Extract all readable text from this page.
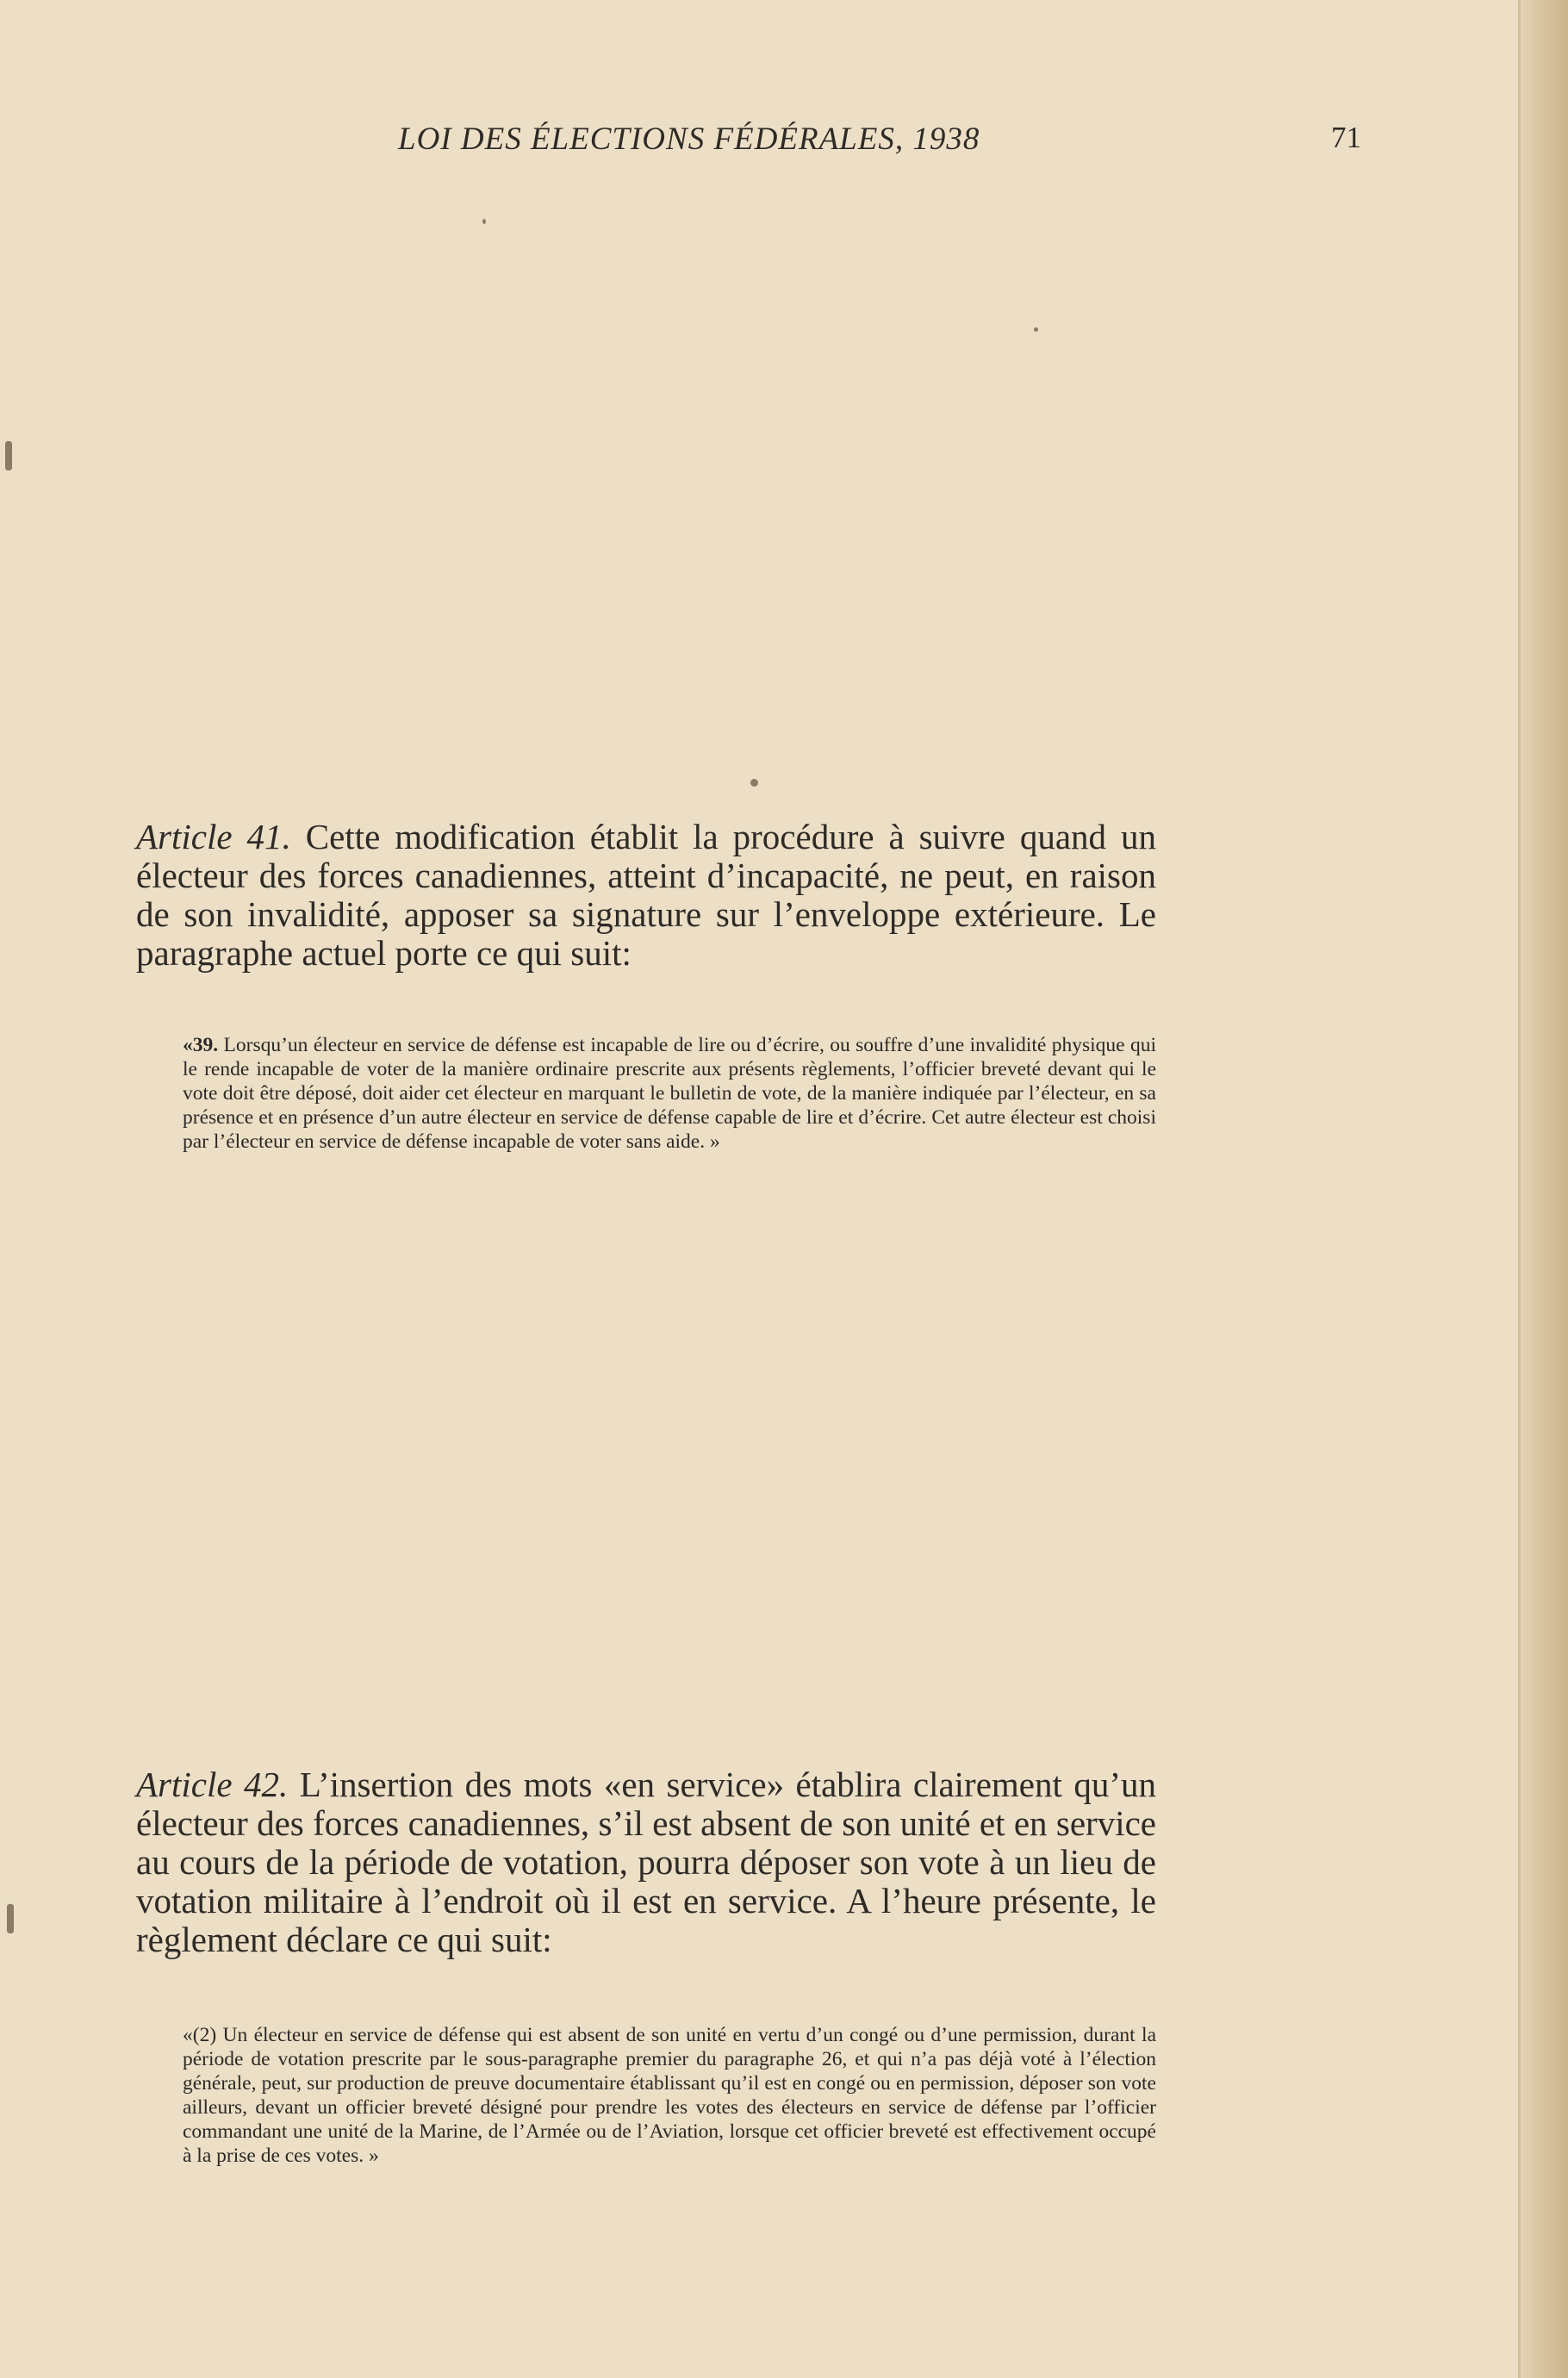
LOI DES ÉLECTIONS FÉDÉRALES, 1938	71

Article 41. Cette modification établit la procédure à suivre quand un électeur des forces canadiennes, atteint d’incapacité, ne peut, en raison de son invalidité, apposer sa signature sur l’enveloppe extérieure. Le paragraphe actuel porte ce qui suit:

«39. Lorsqu’un électeur en service de défense est incapable de lire ou d’écrire, ou souffre d’une invalidité physique qui le rende incapable de voter de la manière ordinaire prescrite aux présents règlements, l’officier breveté devant qui le vote doit être déposé, doit aider cet électeur en marquant le bulletin de vote, de la manière indiquée par l’électeur, en sa présence et en présence d’un autre électeur en service de défense capable de lire et d’écrire. Cet autre électeur est choisi par l’électeur en service de défense incapable de voter sans aide. »

Article 42. L’insertion des mots «en service» établira clairement qu’un électeur des forces canadiennes, s’il est absent de son unité et en service au cours de la période de votation, pourra déposer son vote à un lieu de votation militaire à l’endroit où il est en service. A l’heure présente, le règlement déclare ce qui suit:

«(2) Un électeur en service de défense qui est absent de son unité en vertu d’un congé ou d’une permission, durant la période de votation prescrite par le sous-paragraphe premier du paragraphe 26, et qui n’a pas déjà voté à l’élection générale, peut, sur production de preuve documentaire établissant qu’il est en congé ou en permission, déposer son vote ailleurs, devant un officier breveté désigné pour prendre les votes des électeurs en service de défense par l’officier commandant une unité de la Marine, de l’Armée ou de l’Aviation, lorsque cet officier breveté est effectivement occupé à la prise de ces votes. »
